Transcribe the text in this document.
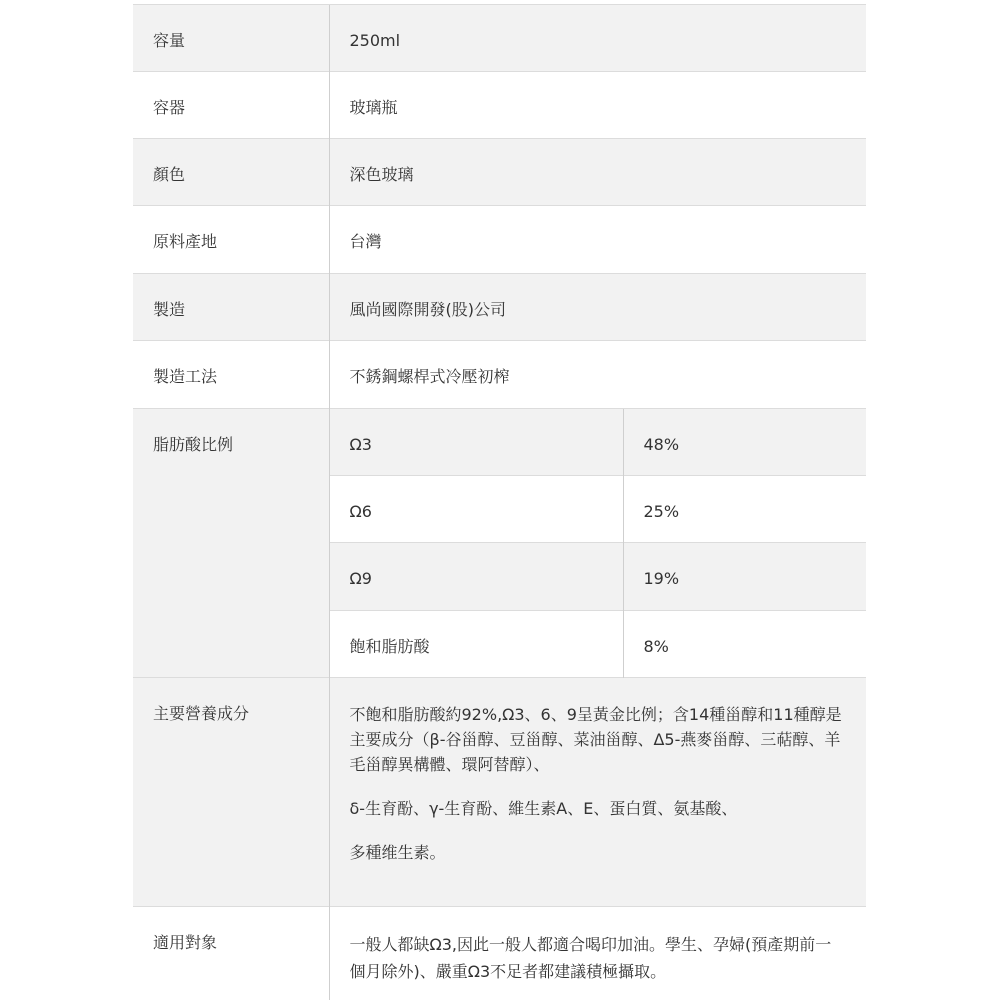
容量	250ml	
容器	玻璃瓶	
顏色	深色玻璃	
原料產地	台灣	
製造	風尚國際開發(股)公司	
製造工法	不銹鋼螺桿式冷壓初榨	
脂肪酸比例	Ω3	48%
	Ω6	25%
	Ω9	19%
	飽和脂肪酸	8%
主要營養成分	不飽和脂肪酸約92%,Ω3、6、9呈黃金比例；含14種甾醇和11種醇是主要成分（β-谷甾醇、豆甾醇、菜油甾醇、Δ5-燕麥甾醇、三萜醇、羊毛甾醇異構體、環阿替醇）、

δ-生育酚、γ-生育酚、維生素A、E、蛋白質、氨基酸、

多種维生素。	

適用對象	一般人都缺Ω3,因此一般人都適合喝印加油。學生、孕婦(預產期前一個月除外)、嚴重Ω3不足者都建議積極攝取。	
